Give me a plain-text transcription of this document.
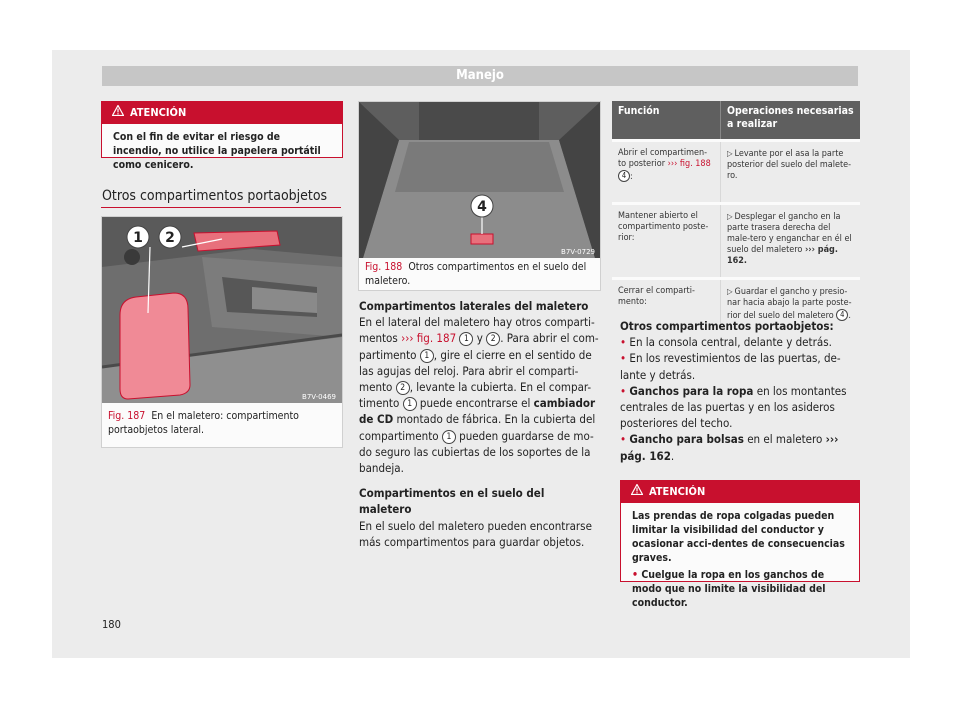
Manejo
ATENCIÓN
Con el fin de evitar el riesgo de incendio, no utilice la papelera portátil como cenicero.
Otros compartimentos portaobjetos
1 2
B7V-0469
Fig. 187 En el maletero: compartimento portaobjetos lateral.
4
B7V-0729
Fig. 188 Otros compartimentos en el suelo del maletero.
Compartimentos laterales del maletero
En el lateral del maletero hay otros comparti-mentos ››› fig. 187 1 y 2 . Para abrir el com-partimento 1 , gire el cierre en el sentido de las agujas del reloj. Para abrir el comparti-mento 2 , levante la cubierta. En el compar-timento 1 puede encontrarse el cambiador de CD montado de fábrica. En la cubierta del compartimento 1 pueden guardarse de mo-do seguro las cubiertas de los soportes de la bandeja.
Compartimentos en el suelo del maletero
En el suelo del maletero pueden encontrarse más compartimentos para guardar objetos.
Función	Operaciones necesarias a realizar
Abrir el compartimen-to posterior ››› fig. 188 4 :	▷ Levante por el asa la parte posterior del suelo del malete-ro.
Mantener abierto el compartimento poste-rior:	▷ Desplegar el gancho en la parte trasera derecha del male-tero y enganchar en él el suelo del maletero ››› pág. 162.
Cerrar el comparti-mento:	▷ Guardar el gancho y presio-nar hacia abajo la parte poste-rior del suelo del maletero 4 .
Otros compartimentos portaobjetos:
• En la consola central, delante y detrás.
• En los revestimientos de las puertas, de-lante y detrás.
• Ganchos para la ropa en los montantes centrales de las puertas y en los asideros posteriores del techo.
• Gancho para bolsas en el maletero ››› pág. 162.
ATENCIÓN
Las prendas de ropa colgadas pueden limitar la visibilidad del conductor y ocasionar acci-dentes de consecuencias graves.
• Cuelgue la ropa en los ganchos de modo que no limite la visibilidad del conductor.
180
